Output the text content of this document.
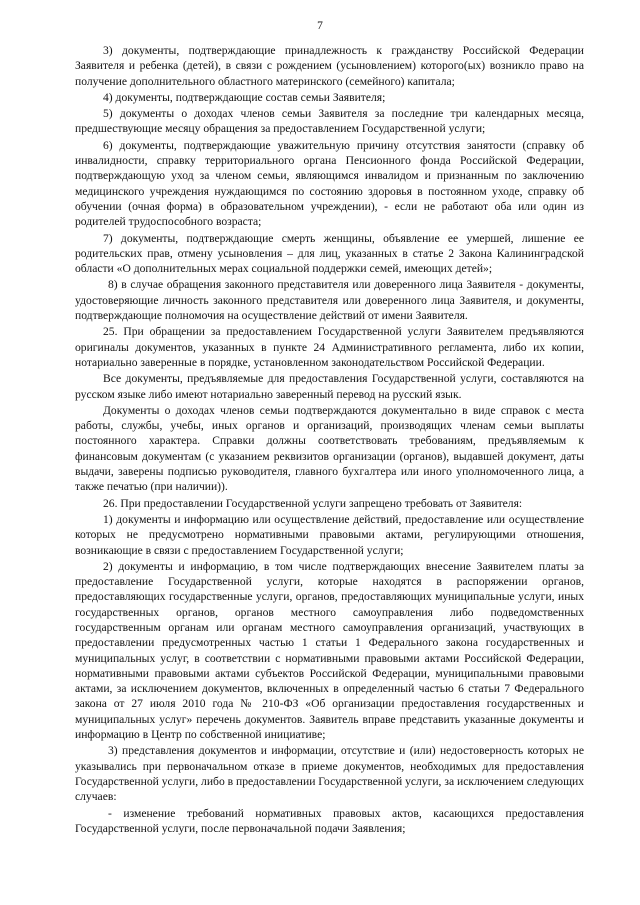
7

3) документы, подтверждающие принадлежность к гражданству Российской Федерации Заявителя и ребенка (детей), в связи с рождением (усыновлением) которого(ых) возникло право на получение дополнительного областного материнского (семейного) капитала;

4) документы, подтверждающие состав семьи Заявителя;

5) документы о доходах членов семьи Заявителя за последние три календарных месяца, предшествующие месяцу обращения за предоставлением Государственной услуги;

6) документы, подтверждающие уважительную причину отсутствия занятости (справку об инвалидности, справку территориального органа Пенсионного фонда Российской Федерации, подтверждающую уход за членом семьи, являющимся инвалидом и признанным по заключению медицинского учреждения нуждающимся по состоянию здоровья в постоянном уходе, справку об обучении (очная форма) в образовательном учреждении), - если не работают оба или один из родителей трудоспособного возраста;

7) документы, подтверждающие смерть женщины, объявление ее умершей, лишение ее родительских прав, отмену усыновления – для лиц, указанных в статье 2 Закона Калининградской области «О дополнительных мерах социальной поддержки семей, имеющих детей»;

8) в случае обращения законного представителя или доверенного лица Заявителя - документы, удостоверяющие личность законного представителя или доверенного лица Заявителя, и документы, подтверждающие полномочия на осуществление действий от имени Заявителя.

25. При обращении за предоставлением Государственной услуги Заявителем предъявляются оригиналы документов, указанных в пункте 24 Административного регламента, либо их копии, нотариально заверенные в порядке, установленном законодательством Российской Федерации.

Все документы, предъявляемые для предоставления Государственной услуги, составляются на русском языке либо имеют нотариально заверенный перевод на русский язык.

Документы о доходах членов семьи подтверждаются документально в виде справок с места работы, службы, учебы, иных органов и организаций, производящих членам семьи выплаты постоянного характера. Справки должны соответствовать требованиям, предъявляемым к финансовым документам (с указанием реквизитов организации (органов), выдавшей документ, даты выдачи, заверены подписью руководителя, главного бухгалтера или иного уполномоченного лица, а также печатью (при наличии)).

26. При предоставлении Государственной услуги запрещено требовать от Заявителя:

1) документы и информацию или осуществление действий, предоставление или осуществление которых не предусмотрено нормативными правовыми актами, регулирующими отношения, возникающие в связи с предоставлением Государственной услуги;

2) документы и информацию, в том числе подтверждающих внесение Заявителем платы за предоставление Государственной услуги, которые находятся в распоряжении органов, предоставляющих государственные услуги, органов, предоставляющих муниципальные услуги, иных государственных органов, органов местного самоуправления либо подведомственных государственным органам или органам местного самоуправления организаций, участвующих в предоставлении предусмотренных частью 1 статьи 1 Федерального закона государственных и муниципальных услуг, в соответствии с нормативными правовыми актами Российской Федерации, нормативными правовыми актами субъектов Российской Федерации, муниципальными правовыми актами, за исключением документов, включенных в определенный частью 6 статьи 7 Федерального закона от 27 июля 2010 года № 210-ФЗ «Об организации предоставления государственных и муниципальных услуг» перечень документов. Заявитель вправе представить указанные документы и информацию в Центр по собственной инициативе;

3) представления документов и информации, отсутствие и (или) недостоверность которых не указывались при первоначальном отказе в приеме документов, необходимых для предоставления Государственной услуги, либо в предоставлении Государственной услуги, за исключением следующих случаев:

- изменение требований нормативных правовых актов, касающихся предоставления Государственной услуги, после первоначальной подачи Заявления;
